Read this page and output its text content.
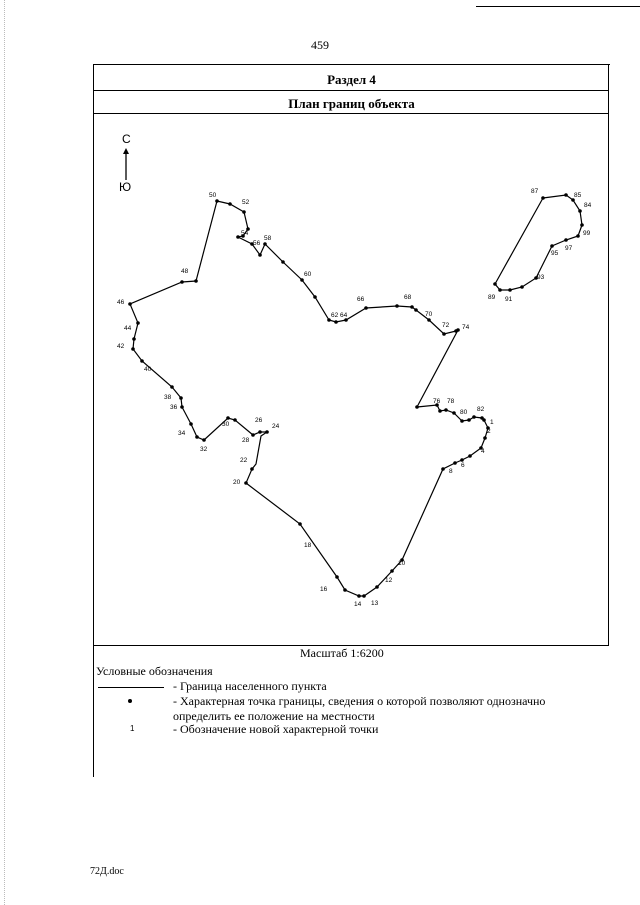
459
Раздел 4
План границ объекта
С
Ю
1
2
4
6
8
10
12
13
14
16
18
20
22
24
26
28
30
32
34
36
38
40
42
44
46
48
50
52
54
56
58
60
62 64
66	68
70
72 74
76 78
80 82
85
84
87
89 91
93
95
97
99
Масштаб 1:6200
Условные обозначения
- Граница населенного пункта
- Характерная точка границы, сведения о которой позволяют однозначно
определить ее положение на местности
1	- Обозначение новой характерной точки
72Д.doc
